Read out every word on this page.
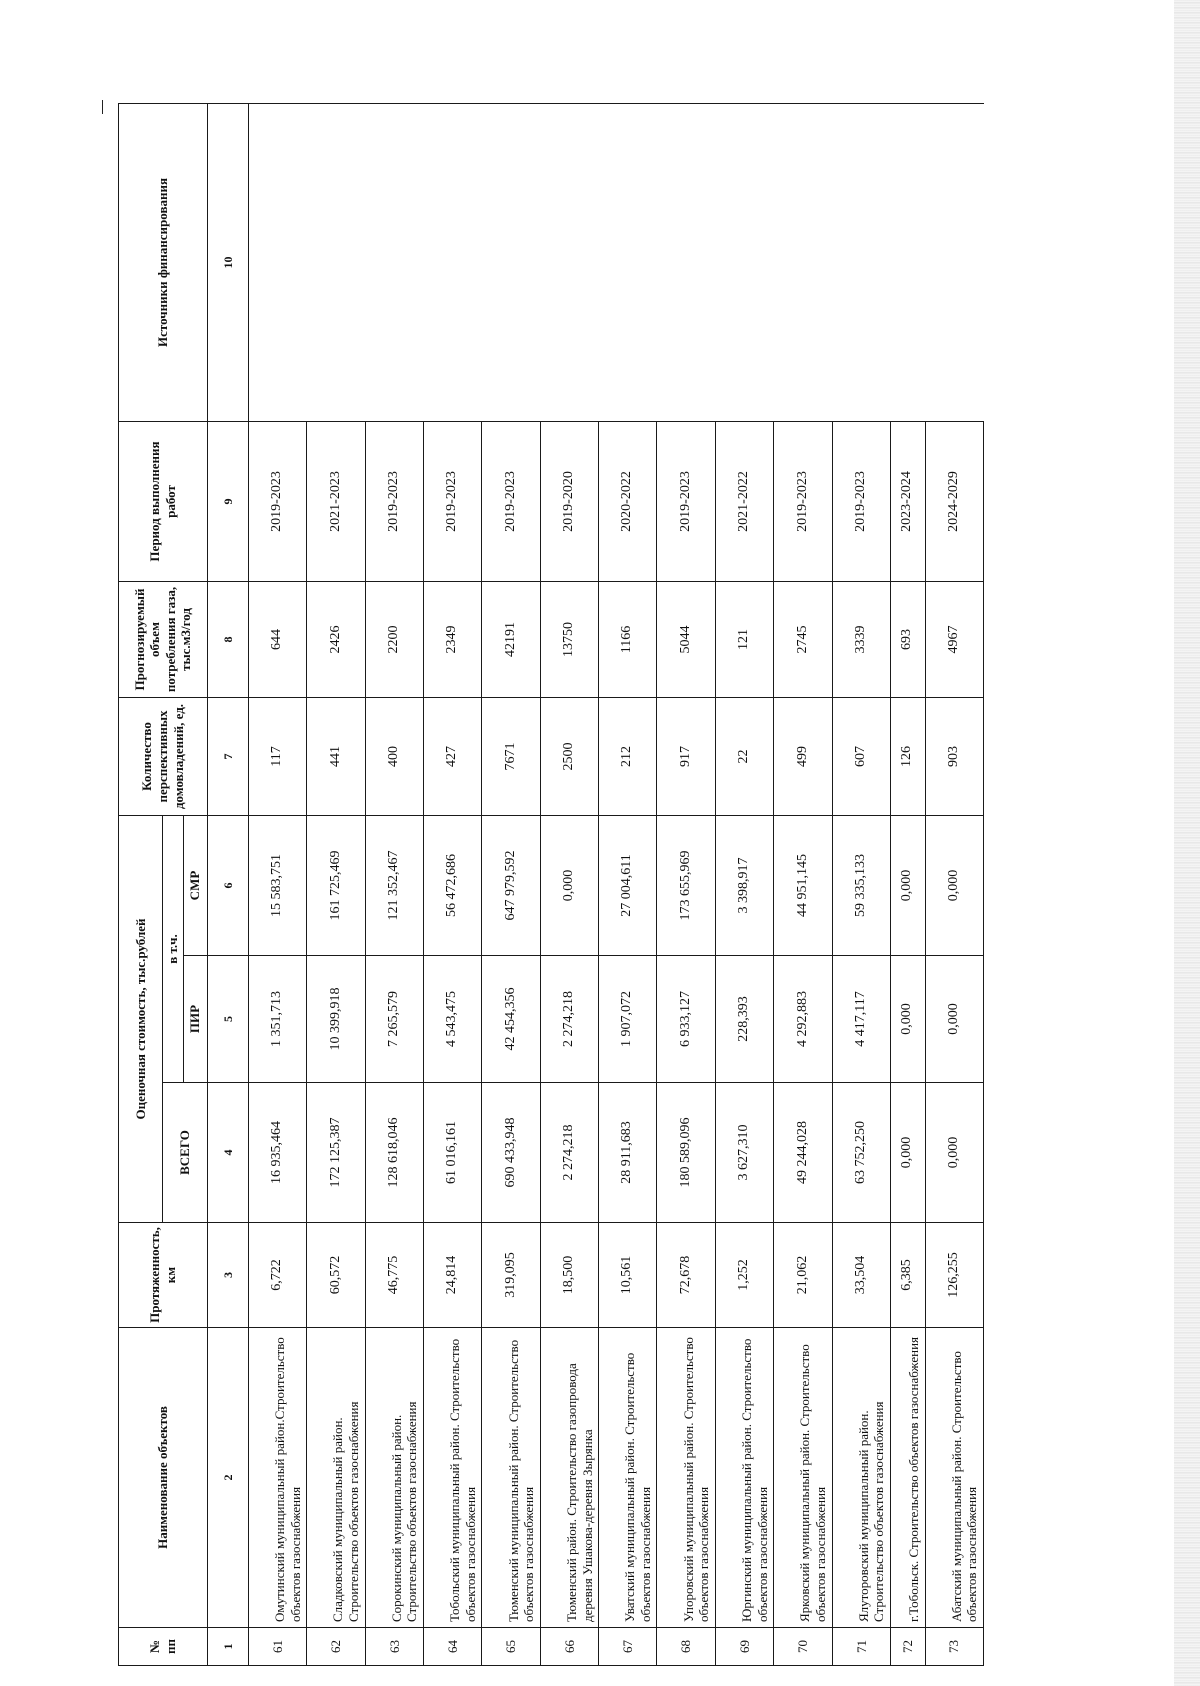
№ пп	Наименование объектов	Протяженность, км	Оценочная стоимость, тыс.рублей			Количество перспективных домовладений, ед.	Прогнозируемый объем потребления газа, тыс.м3/год	Период выполнения работ	Источники финансирования
			ВСЕГО	в т.ч.					
				ПИР	СМР				
1	2	3	4	5	6	7	8	9	10
61	Омутинский муниципальный район.Строительство объектов газоснабжения	6,722	16 935,464	1 351,713	15 583,751	117	644	2019-2023	
62	Сладковский муниципальный район. Строительство объектов газоснабжения	60,572	172 125,387	10 399,918	161 725,469	441	2426	2021-2023	
63	Сорокинский муниципальный район. Строительство объектов газоснабжения	46,775	128 618,046	7 265,579	121 352,467	400	2200	2019-2023	
64	Тобольский муниципальный район. Строительство объектов газоснабжения	24,814	61 016,161	4 543,475	56 472,686	427	2349	2019-2023	
65	Тюменский муниципальный район. Строительство объектов газоснабжения	319,095	690 433,948	42 454,356	647 979,592	7671	42191	2019-2023	
66	Тюменский район. Строительство газопровода деревня Ушакова-деревня Зырянка	18,500	2 274,218	2 274,218	0,000	2500	13750	2019-2020	
67	Уватский муниципальный район. Строительство объектов газоснабжения	10,561	28 911,683	1 907,072	27 004,611	212	1166	2020-2022	
68	Упоровский муниципальный район. Строительство объектов газоснабжения	72,678	180 589,096	6 933,127	173 655,969	917	5044	2019-2023	
69	Юргинский муниципальный район. Строительство объектов газоснабжения	1,252	3 627,310	228,393	3 398,917	22	121	2021-2022	
70	Ярковский муниципальный район. Строительство объектов газоснабжения	21,062	49 244,028	4 292,883	44 951,145	499	2745	2019-2023	
71	Ялуторовский муниципальный район. Строительство объектов газоснабжения	33,504	63 752,250	4 417,117	59 335,133	607	3339	2019-2023	
72	г.Тобольск. Строительство объектов газоснабжения	6,385	0,000	0,000	0,000	126	693	2023-2024	
73	Абатский муниципальный район. Строительство объектов газоснабжения	126,255	0,000	0,000	0,000	903	4967	2024-2029	
